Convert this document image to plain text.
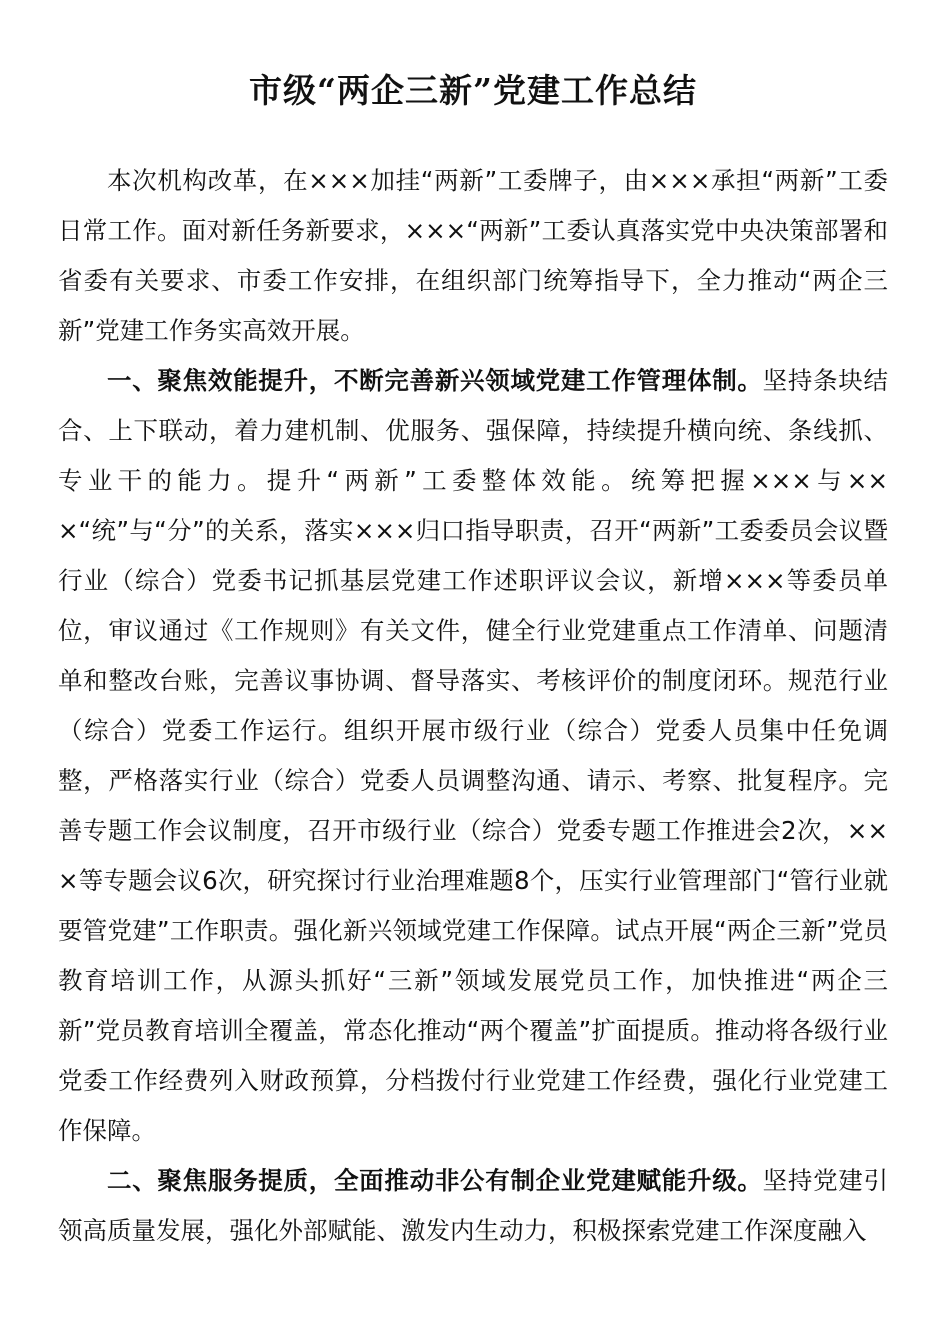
市级“两企三新”党建工作总结

本次机构改革，在×××加挂“两新”工委牌子，由×××承担“两新”工委日常工作。面对新任务新要求，×××“两新”工委认真落实党中央决策部署和省委有关要求、市委工作安排，在组织部门统筹指导下，全力推动“两企三新”党建工作务实高效开展。

一、聚焦效能提升，不断完善新兴领域党建工作管理体制。坚持条块结合、上下联动，着力建机制、优服务、强保障，持续提升横向统、条线抓、专业干的能力。提升“两新”工委整体效能。统筹把握×××与×××“统”与“分”的关系，落实×××归口指导职责，召开“两新”工委委员会议暨行业（综合）党委书记抓基层党建工作述职评议会议，新增×××等委员单位，审议通过《工作规则》有关文件，健全行业党建重点工作清单、问题清单和整改台账，完善议事协调、督导落实、考核评价的制度闭环。规范行业（综合）党委工作运行。组织开展市级行业（综合）党委人员集中任免调整，严格落实行业（综合）党委人员调整沟通、请示、考察、批复程序。完善专题工作会议制度，召开市级行业（综合）党委专题工作推进会2次，×××等专题会议6次，研究探讨行业治理难题8个，压实行业管理部门“管行业就要管党建”工作职责。强化新兴领域党建工作保障。试点开展“两企三新”党员教育培训工作，从源头抓好“三新”领域发展党员工作，加快推进“两企三新”党员教育培训全覆盖，常态化推动“两个覆盖”扩面提质。推动将各级行业党委工作经费列入财政预算，分档拨付行业党建工作经费，强化行业党建工作保障。

二、聚焦服务提质，全面推动非公有制企业党建赋能升级。坚持党建引领高质量发展，强化外部赋能、激发内生动力，积极探索党建工作深度融入
